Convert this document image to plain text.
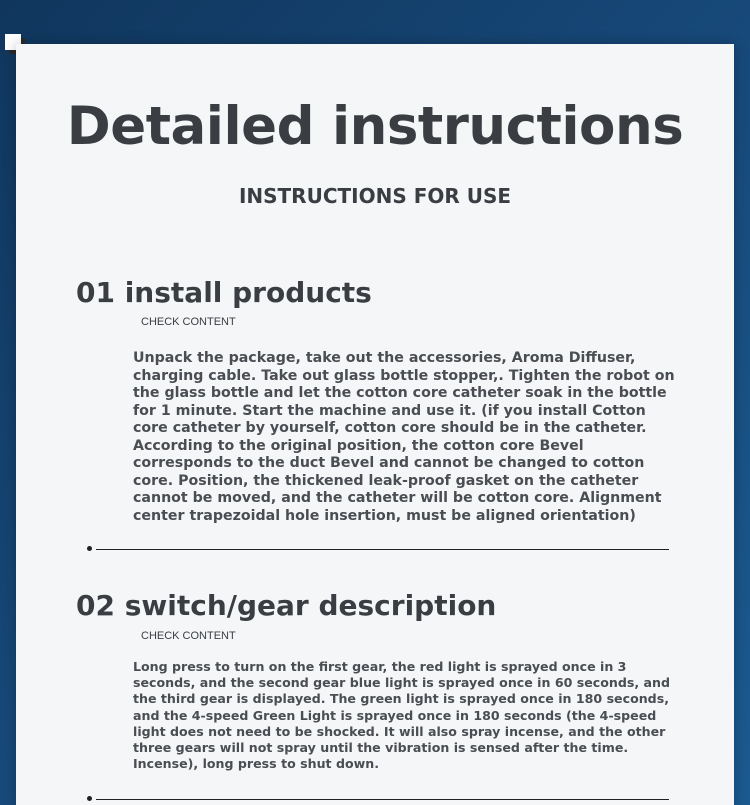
Detailed instructions
INSTRUCTIONS FOR USE
01 install products

CHECK CONTENT

Unpack the package, take out the accessories, Aroma Diffuser, charging cable. Take out glass bottle stopper,. Tighten the robot on the glass bottle and let the cotton core catheter soak in the bottle for 1 minute. Start the machine and use it. (if you install Cotton core catheter by yourself, cotton core should be in the catheter. According to the original position, the cotton core Bevel corresponds to the duct Bevel and cannot be changed to cotton core. Position, the thickened leak-proof gasket on the catheter cannot be moved, and the catheter will be cotton core. Alignment center trapezoidal hole insertion, must be aligned orientation)

02 switch/gear description

CHECK CONTENT

Long press to turn on the first gear, the red light is sprayed once in 3 seconds, and the second gear blue light is sprayed once in 60 seconds, and the third gear is displayed. The green light is sprayed once in 180 seconds, and the 4-speed Green Light is sprayed once in 180 seconds (the 4-speed light does not need to be shocked. It will also spray incense, and the other three gears will not spray until the vibration is sensed after the time. Incense), long press to shut down.
